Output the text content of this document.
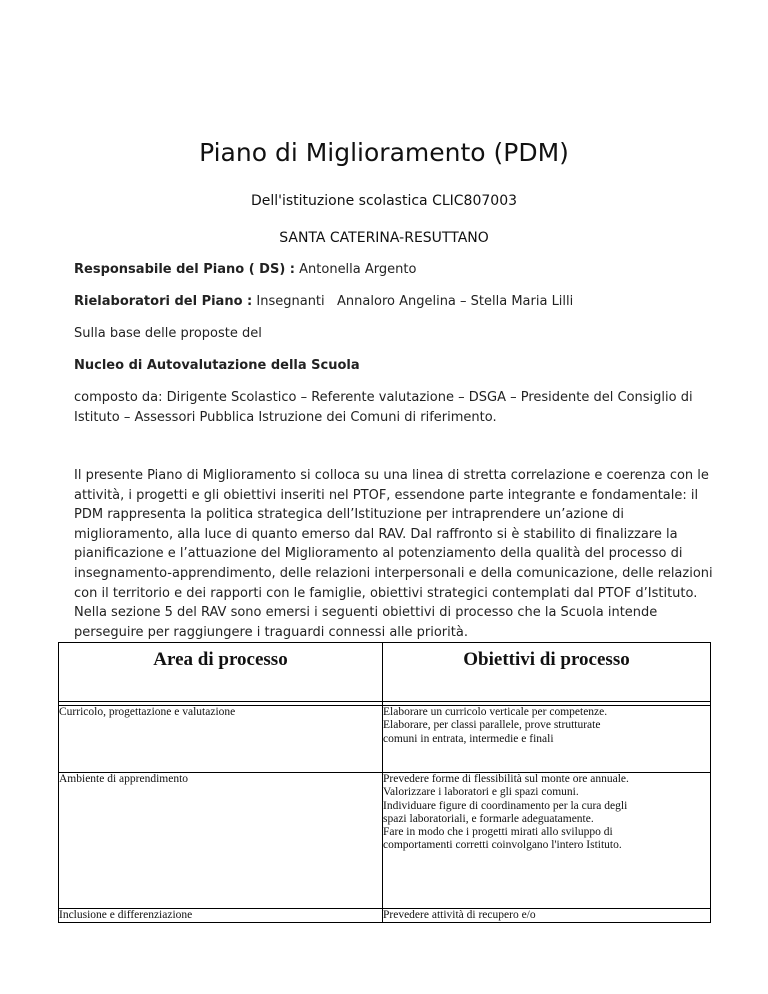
Piano di Miglioramento (PDM)
Dell'istituzione scolastica CLIC807003
SANTA CATERINA-RESUTTANO
Responsabile del Piano ( DS) : Antonella Argento
Rielaboratori del Piano : Insegnanti   Annaloro Angelina – Stella Maria Lilli
Sulla base delle proposte del
Nucleo di Autovalutazione della Scuola
composto da: Dirigente Scolastico – Referente valutazione – DSGA – Presidente del Consiglio di Istituto – Assessori Pubblica Istruzione dei Comuni di riferimento.
Il presente Piano di Miglioramento si colloca su una linea di stretta correlazione e coerenza con le attività, i progetti e gli obiettivi inseriti nel PTOF, essendone parte integrante e fondamentale: il PDM rappresenta la politica strategica dell’Istituzione per intraprendere un’azione di miglioramento, alla luce di quanto emerso dal RAV. Dal raffronto si è stabilito di finalizzare la pianificazione e l’attuazione del Miglioramento al potenziamento della qualità del processo di insegnamento-apprendimento, delle relazioni interpersonali e della comunicazione, delle relazioni con il territorio e dei rapporti con le famiglie, obiettivi strategici contemplati dal PTOF d’Istituto. Nella sezione 5 del RAV sono emersi i seguenti obiettivi di processo che la Scuola intende perseguire per raggiungere i traguardi connessi alle priorità.
Area di processo	Obiettivi di processo

Curricolo, progettazione e valutazione	Elaborare un curricolo verticale per competenze.
Elaborare, per classi parallele, prove strutturate comuni in entrata, intermedie e finali

Ambiente di apprendimento	Prevedere forme di flessibilità sul monte ore annuale.
Valorizzare i laboratori e gli spazi comuni.
Individuare figure di coordinamento per la cura degli spazi laboratoriali, e formarle adeguatamente.
Fare in modo che i progetti mirati allo sviluppo di comportamenti corretti coinvolgano l'intero Istituto.

Inclusione e differenziazione	Prevedere attività di recupero e/o
